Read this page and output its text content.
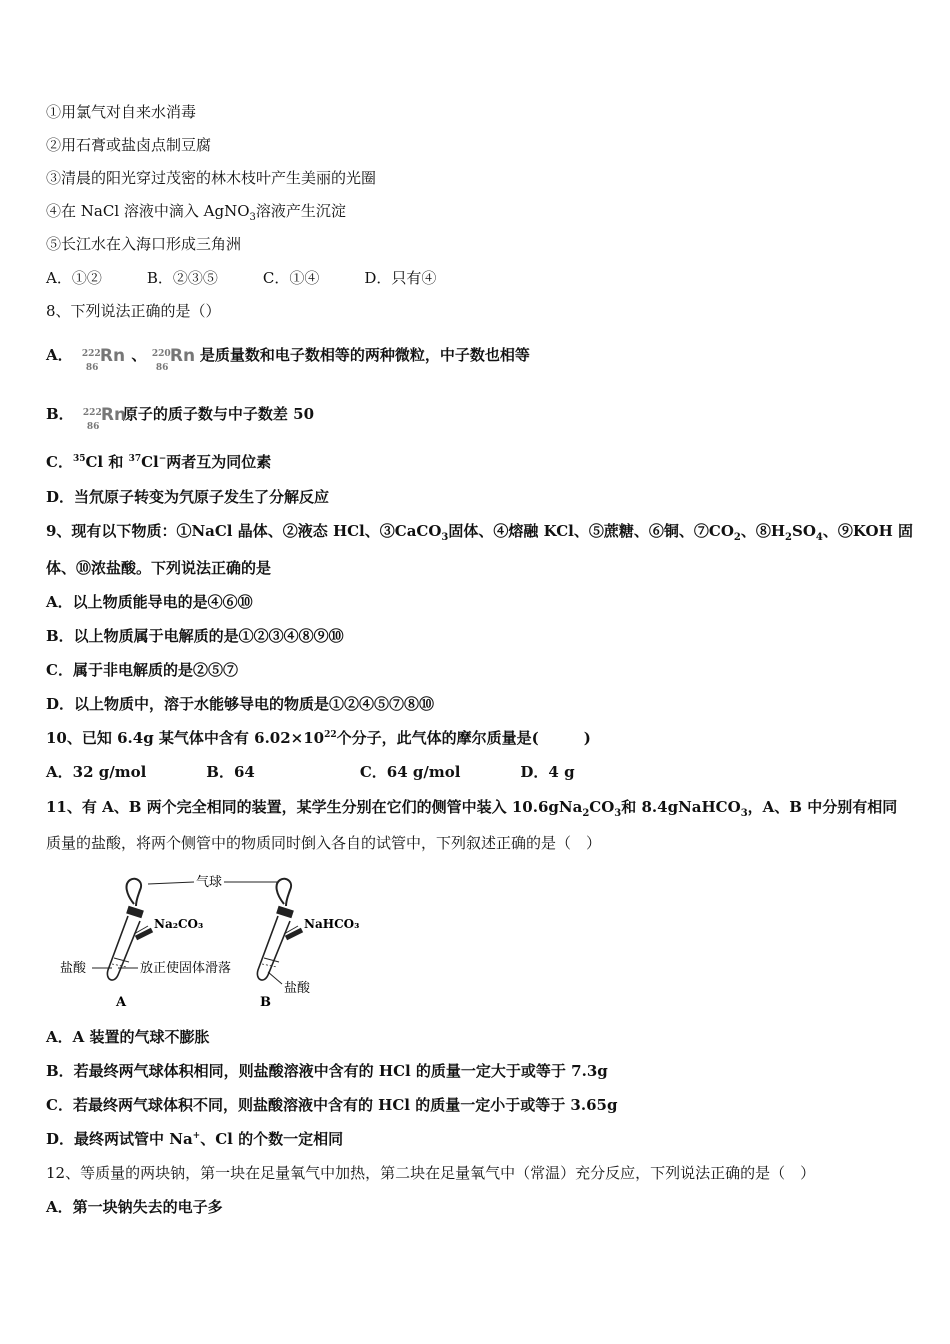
①用氯气对自来水消毒
②用石膏或盐卤点制豆腐
③清晨的阳光穿过茂密的林木枝叶产生美丽的光圈
④在 NaCl 溶液中滴入 AgNO$_3$溶液产生沉淀
⑤长江水在入海口形成三角洲
A．①②　　　B．②③⑤　　　C．①④　　　D．只有④
8、下列说法正确的是（）
A． 222
86
Rn 、 220
86
Rn 是质量数和电子数相等的两种微粒，中子数也相等
B． 222
86
Rn
原子的质子数与中子数差 50
C．$^{35}$Cl 和 $^{37}$Cl−两者互为同位素
D．当氘原子转变为氕原子发生了分解反应
9、现有以下物质：①NaCl 晶体、②液态 HCl、③CaCO$_3$固体、④熔融 KCl、⑤蔗糖、⑥铜、$⑦CO_2$、$⑧H_2SO_4$、⑨KOH 固
体、⑩浓盐酸。下列说法正确的是
A．以上物质能导电的是④⑥⑩
B．以上物质属于电解质的是①②③④⑧⑨⑩
C．属于非电解质的是②⑤⑦
D．以上物质中，溶于水能够导电的物质是①②④⑤⑦⑧⑩
10、已知 6.4g 某气体中含有 $6.02\times 10^{22}$个分子，此气体的摩尔质量是(　　　)
A．32 g/mol　　　　B．64　　　　　　　C．64 g/mol　　　　D．4 g
11、有 A、B 两个完全相同的装置，某学生分别在它们的侧管中装入 $10.6gNa_2CO_3$和 8.4gNaHCO$_3$，A、B 中分别有相同
质量的盐酸，将两个侧管中的物质同时倒入各自的试管中，下列叙述正确的是（　）
气球
Na₂CO₃
盐酸	放正使固体滑落
A
NaHCO₃
盐酸
B
A．A 装置的气球不膨胀
B．若最终两气球体积相同，则盐酸溶液中含有的 HCl 的质量一定大于或等于 7.3g
C．若最终两气球体积不同，则盐酸溶液中含有的 HCl 的质量一定小于或等于 3.65g
D．最终两试管中 Na+、Cl 的个数一定相同
12、等质量的两块钠，第一块在足量氧气中加热，第二块在足量氧气中（常温）充分反应，下列说法正确的是（　）
A．第一块钠失去的电子多
